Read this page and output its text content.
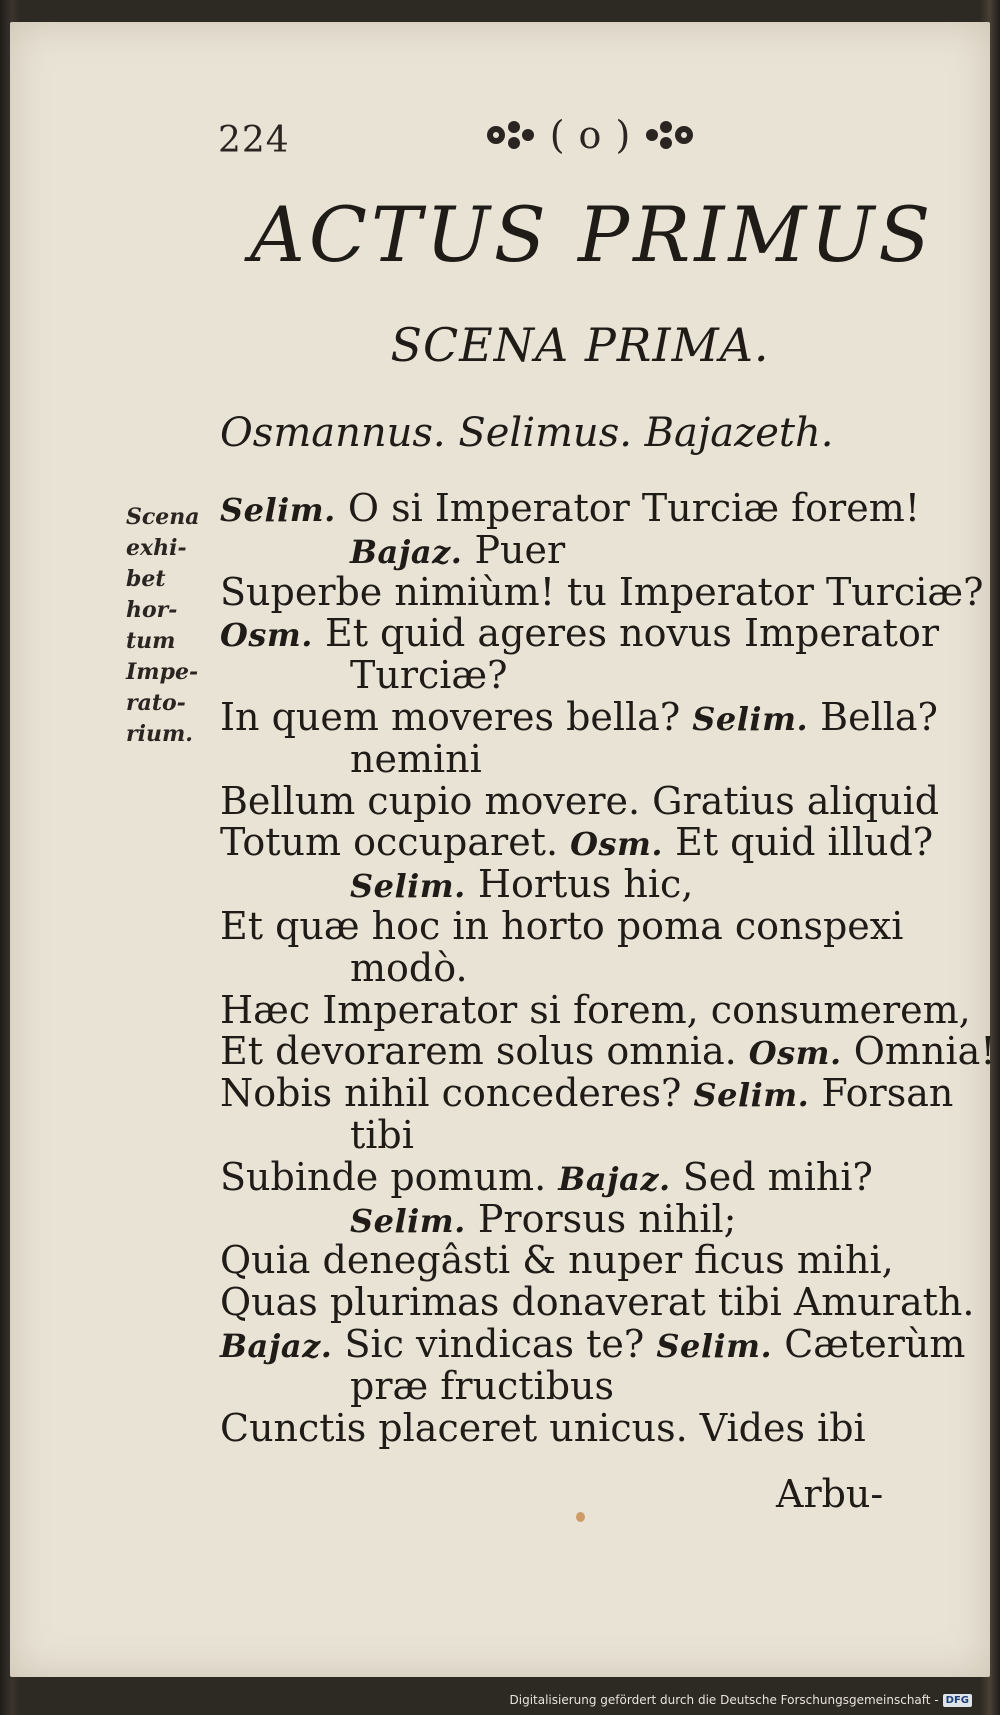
224	( o )
ACTUS PRIMUS
SCENA PRIMA.
Osmannus. Selimus. Bajazeth.
Scena
exhi-
bet
hor-
tum
Impe-
rato-
rium.
Selim. O si Imperator Turciæ forem!
Bajaz. Puer
Superbe nimiùm! tu Imperator Turciæ?
Osm. Et quid ageres novus Imperator
Turciæ?
In quem moveres bella? Selim. Bella?
nemini
Bellum cupio movere. Gratius aliquid
Totum occuparet. Osm. Et quid illud?
Selim. Hortus hic,
Et quæ hoc in horto poma conspexi
modò.
Hæc Imperator si forem, consumerem,
Et devorarem solus omnia. Osm. Omnia!
Nobis nihil concederes? Selim. Forsan
tibi
Subinde pomum. Bajaz. Sed mihi?
Selim. Prorsus nihil;
Quia denegâsti & nuper ficus mihi,
Quas plurimas donaverat tibi Amurath.
Bajaz. Sic vindicas te? Selim. Cæterùm
præ fructibus
Cunctis placeret unicus. Vides ibi
Arbu-
Digitalisierung gefördert durch die Deutsche Forschungsgemeinschaft - DFG
